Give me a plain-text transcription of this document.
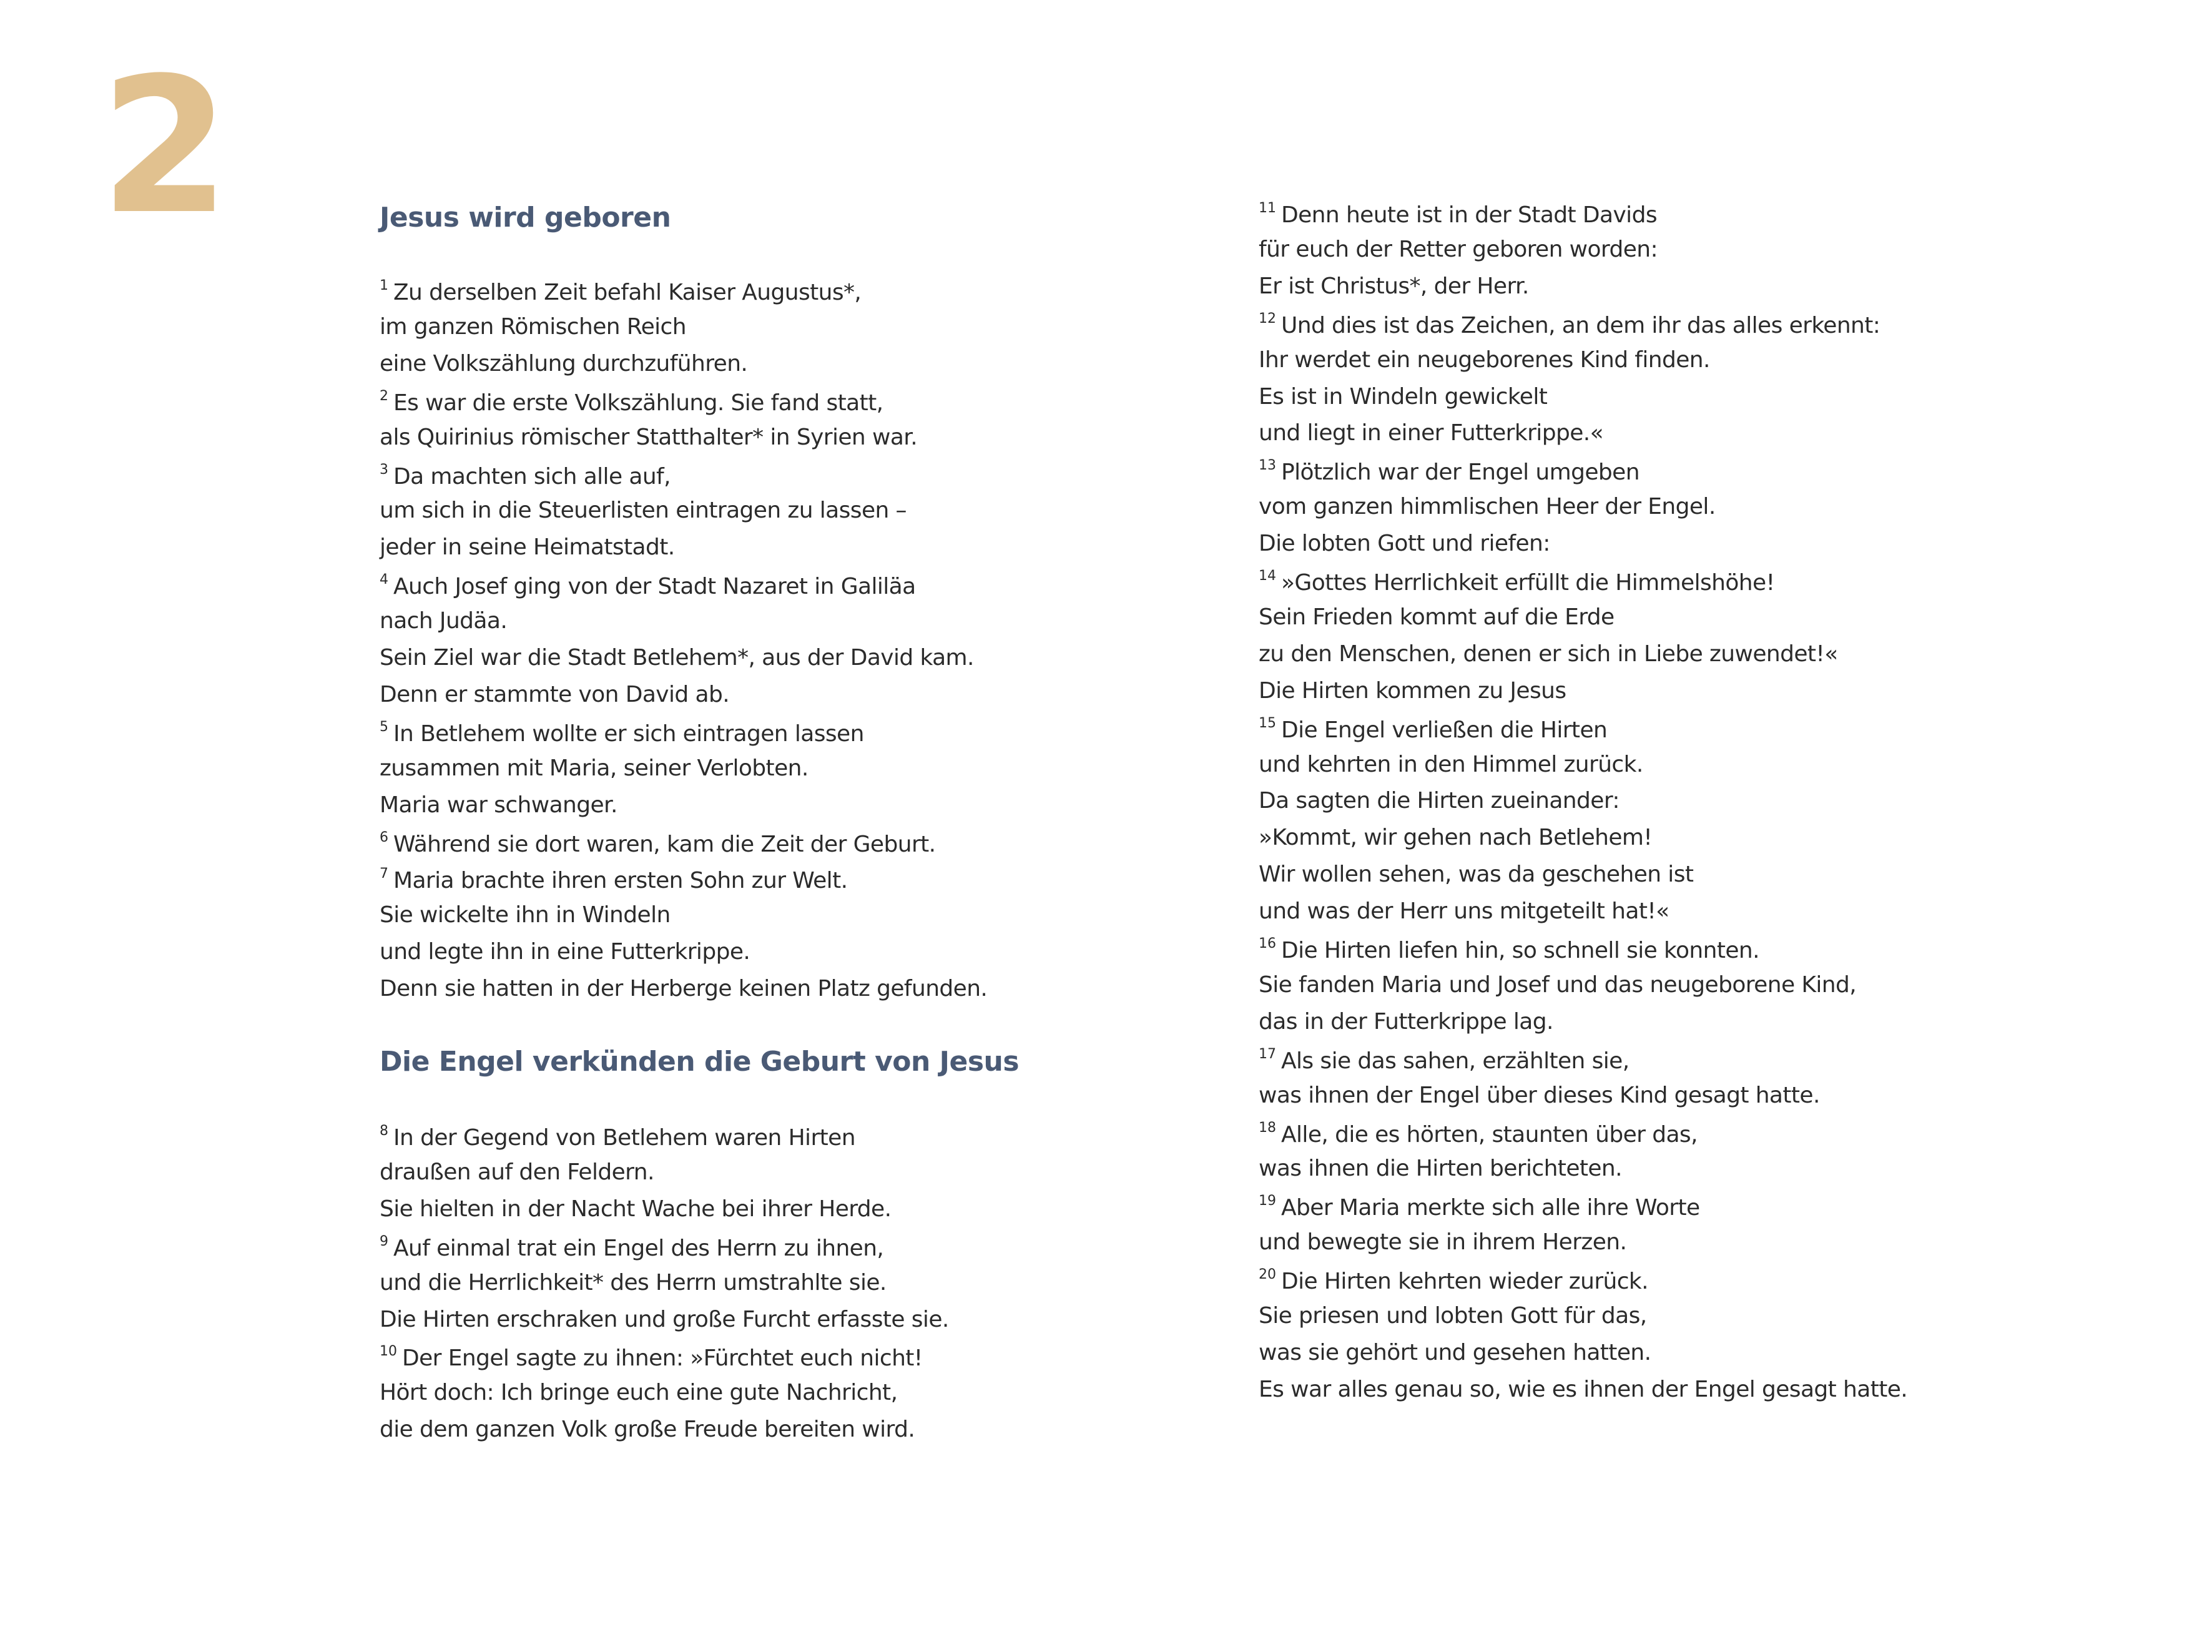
2	Jesus wird geboren
$^1$ Zu derselben Zeit befahl Kaiser Augustus*,
im ganzen Römischen Reich
eine Volkszählung durchzuführen.
$^2$ Es war die erste Volkszählung. Sie fand statt,
als Quirinius römischer Statthalter* in Syrien war.
$^3$ Da machten sich alle auf,
um sich in die Steuerlisten eintragen zu lassen –
jeder in seine Heimatstadt.
$^4$ Auch Josef ging von der Stadt Nazaret in Galiläa
nach Judäa.
Sein Ziel war die Stadt Betlehem*, aus der David kam.
Denn er stammte von David ab.
$^5$ In Betlehem wollte er sich eintragen lassen
zusammen mit Maria, seiner Verlobten.
Maria war schwanger.
$^6$ Während sie dort waren, kam die Zeit der Geburt.
$^7$ Maria brachte ihren ersten Sohn zur Welt.
Sie wickelte ihn in Windeln
und legte ihn in eine Futterkrippe.
Denn sie hatten in der Herberge keinen Platz gefunden.
Die Engel verkünden die Geburt von Jesus
$^8$ In der Gegend von Betlehem waren Hirten
draußen auf den Feldern.
Sie hielten in der Nacht Wache bei ihrer Herde.
$^9$ Auf einmal trat ein Engel des Herrn zu ihnen,
und die Herrlichkeit* des Herrn umstrahlte sie.
Die Hirten erschraken und große Furcht erfasste sie.
$^{10}$ Der Engel sagte zu ihnen: »Fürchtet euch nicht!
Hört doch: Ich bringe euch eine gute Nachricht,
die dem ganzen Volk große Freude bereiten wird.
$^{11}$ Denn heute ist in der Stadt Davids
für euch der Retter geboren worden:
Er ist Christus*, der Herr.
$^{12}$ Und dies ist das Zeichen, an dem ihr das alles erkennt:
Ihr werdet ein neugeborenes Kind finden.
Es ist in Windeln gewickelt
und liegt in einer Futterkrippe.«
$^{13}$ Plötzlich war der Engel umgeben
vom ganzen himmlischen Heer der Engel.
Die lobten Gott und riefen:
$^{14}$ »Gottes Herrlichkeit erfüllt die Himmelshöhe!
Sein Frieden kommt auf die Erde
zu den Menschen, denen er sich in Liebe zuwendet!«
Die Hirten kommen zu Jesus
$^{15}$ Die Engel verließen die Hirten
und kehrten in den Himmel zurück.
Da sagten die Hirten zueinander:
»Kommt, wir gehen nach Betlehem!
Wir wollen sehen, was da geschehen ist
und was der Herr uns mitgeteilt hat!«
$^{16}$ Die Hirten liefen hin, so schnell sie konnten.
Sie fanden Maria und Josef und das neugeborene Kind,
das in der Futterkrippe lag.
$^{17}$ Als sie das sahen, erzählten sie,
was ihnen der Engel über dieses Kind gesagt hatte.
$^{18}$ Alle, die es hörten, staunten über das,
was ihnen die Hirten berichteten.
$^{19}$ Aber Maria merkte sich alle ihre Worte
und bewegte sie in ihrem Herzen.
$^{20}$ Die Hirten kehrten wieder zurück.
Sie priesen und lobten Gott für das,
was sie gehört und gesehen hatten.
Es war alles genau so, wie es ihnen der Engel gesagt hatte.
